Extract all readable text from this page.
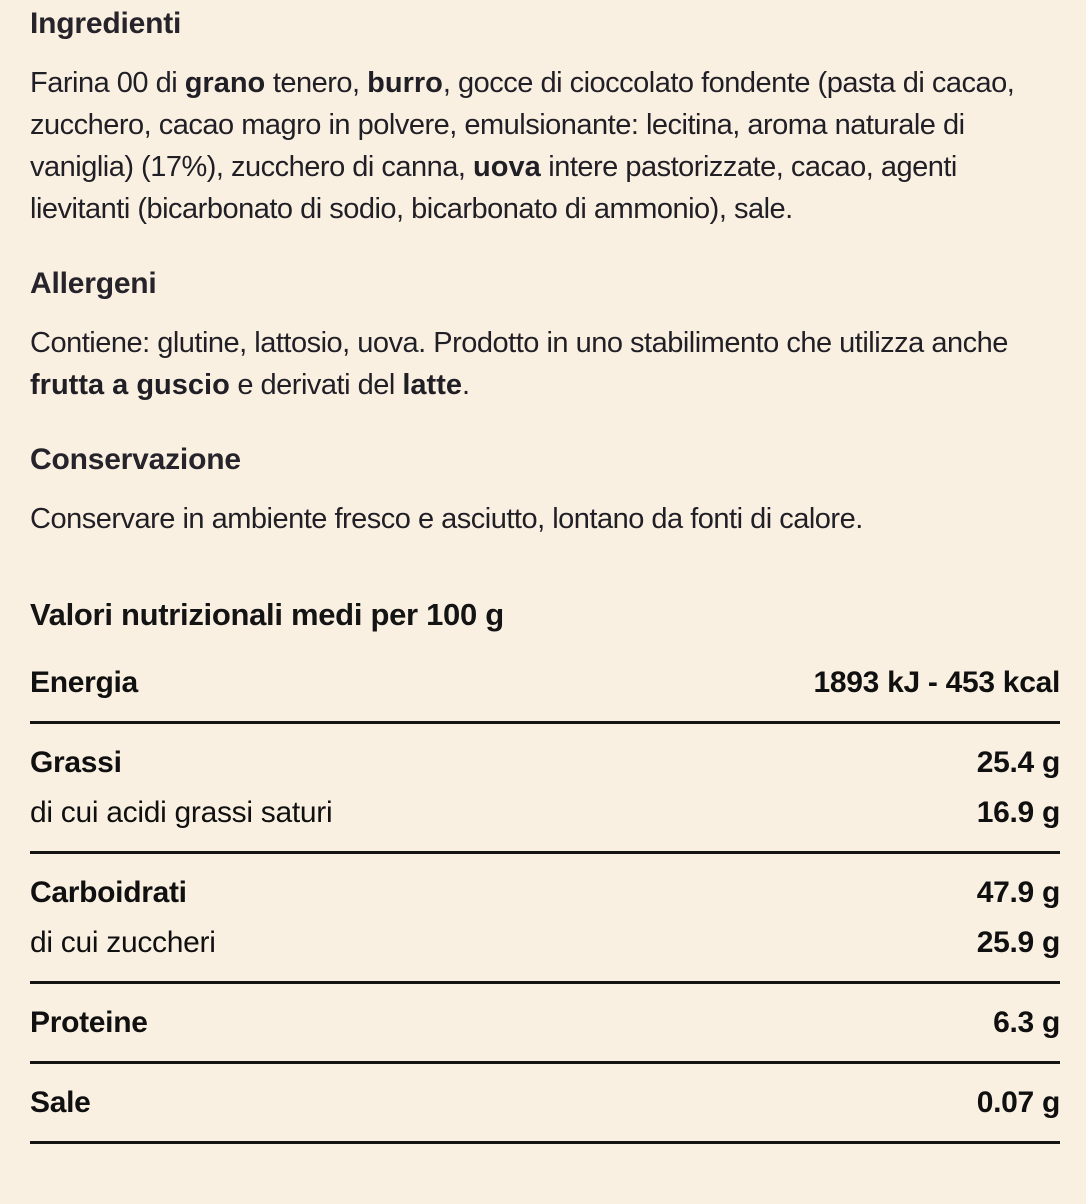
Ingredienti

Farina 00 di grano tenero, burro, gocce di cioccolato fondente (pasta di cacao, zucchero, cacao magro in polvere, emulsionante: lecitina, aroma naturale di vaniglia) (17%), zucchero di canna, uova intere pastorizzate, cacao, agenti lievitanti (bicarbonato di sodio, bicarbonato di ammonio), sale.

Allergeni

Contiene: glutine, lattosio, uova. Prodotto in uno stabilimento che utilizza anche frutta a guscio e derivati del latte.

Conservazione

Conservare in ambiente fresco e asciutto, lontano da fonti di calore.

Valori nutrizionali medi per 100 g
Energia	1893 kJ - 453 kcal
Grassi	25.4 g
di cui acidi grassi saturi	16.9 g
Carboidrati	47.9 g
di cui zuccheri	25.9 g
Proteine	6.3 g
Sale	0.07 g
